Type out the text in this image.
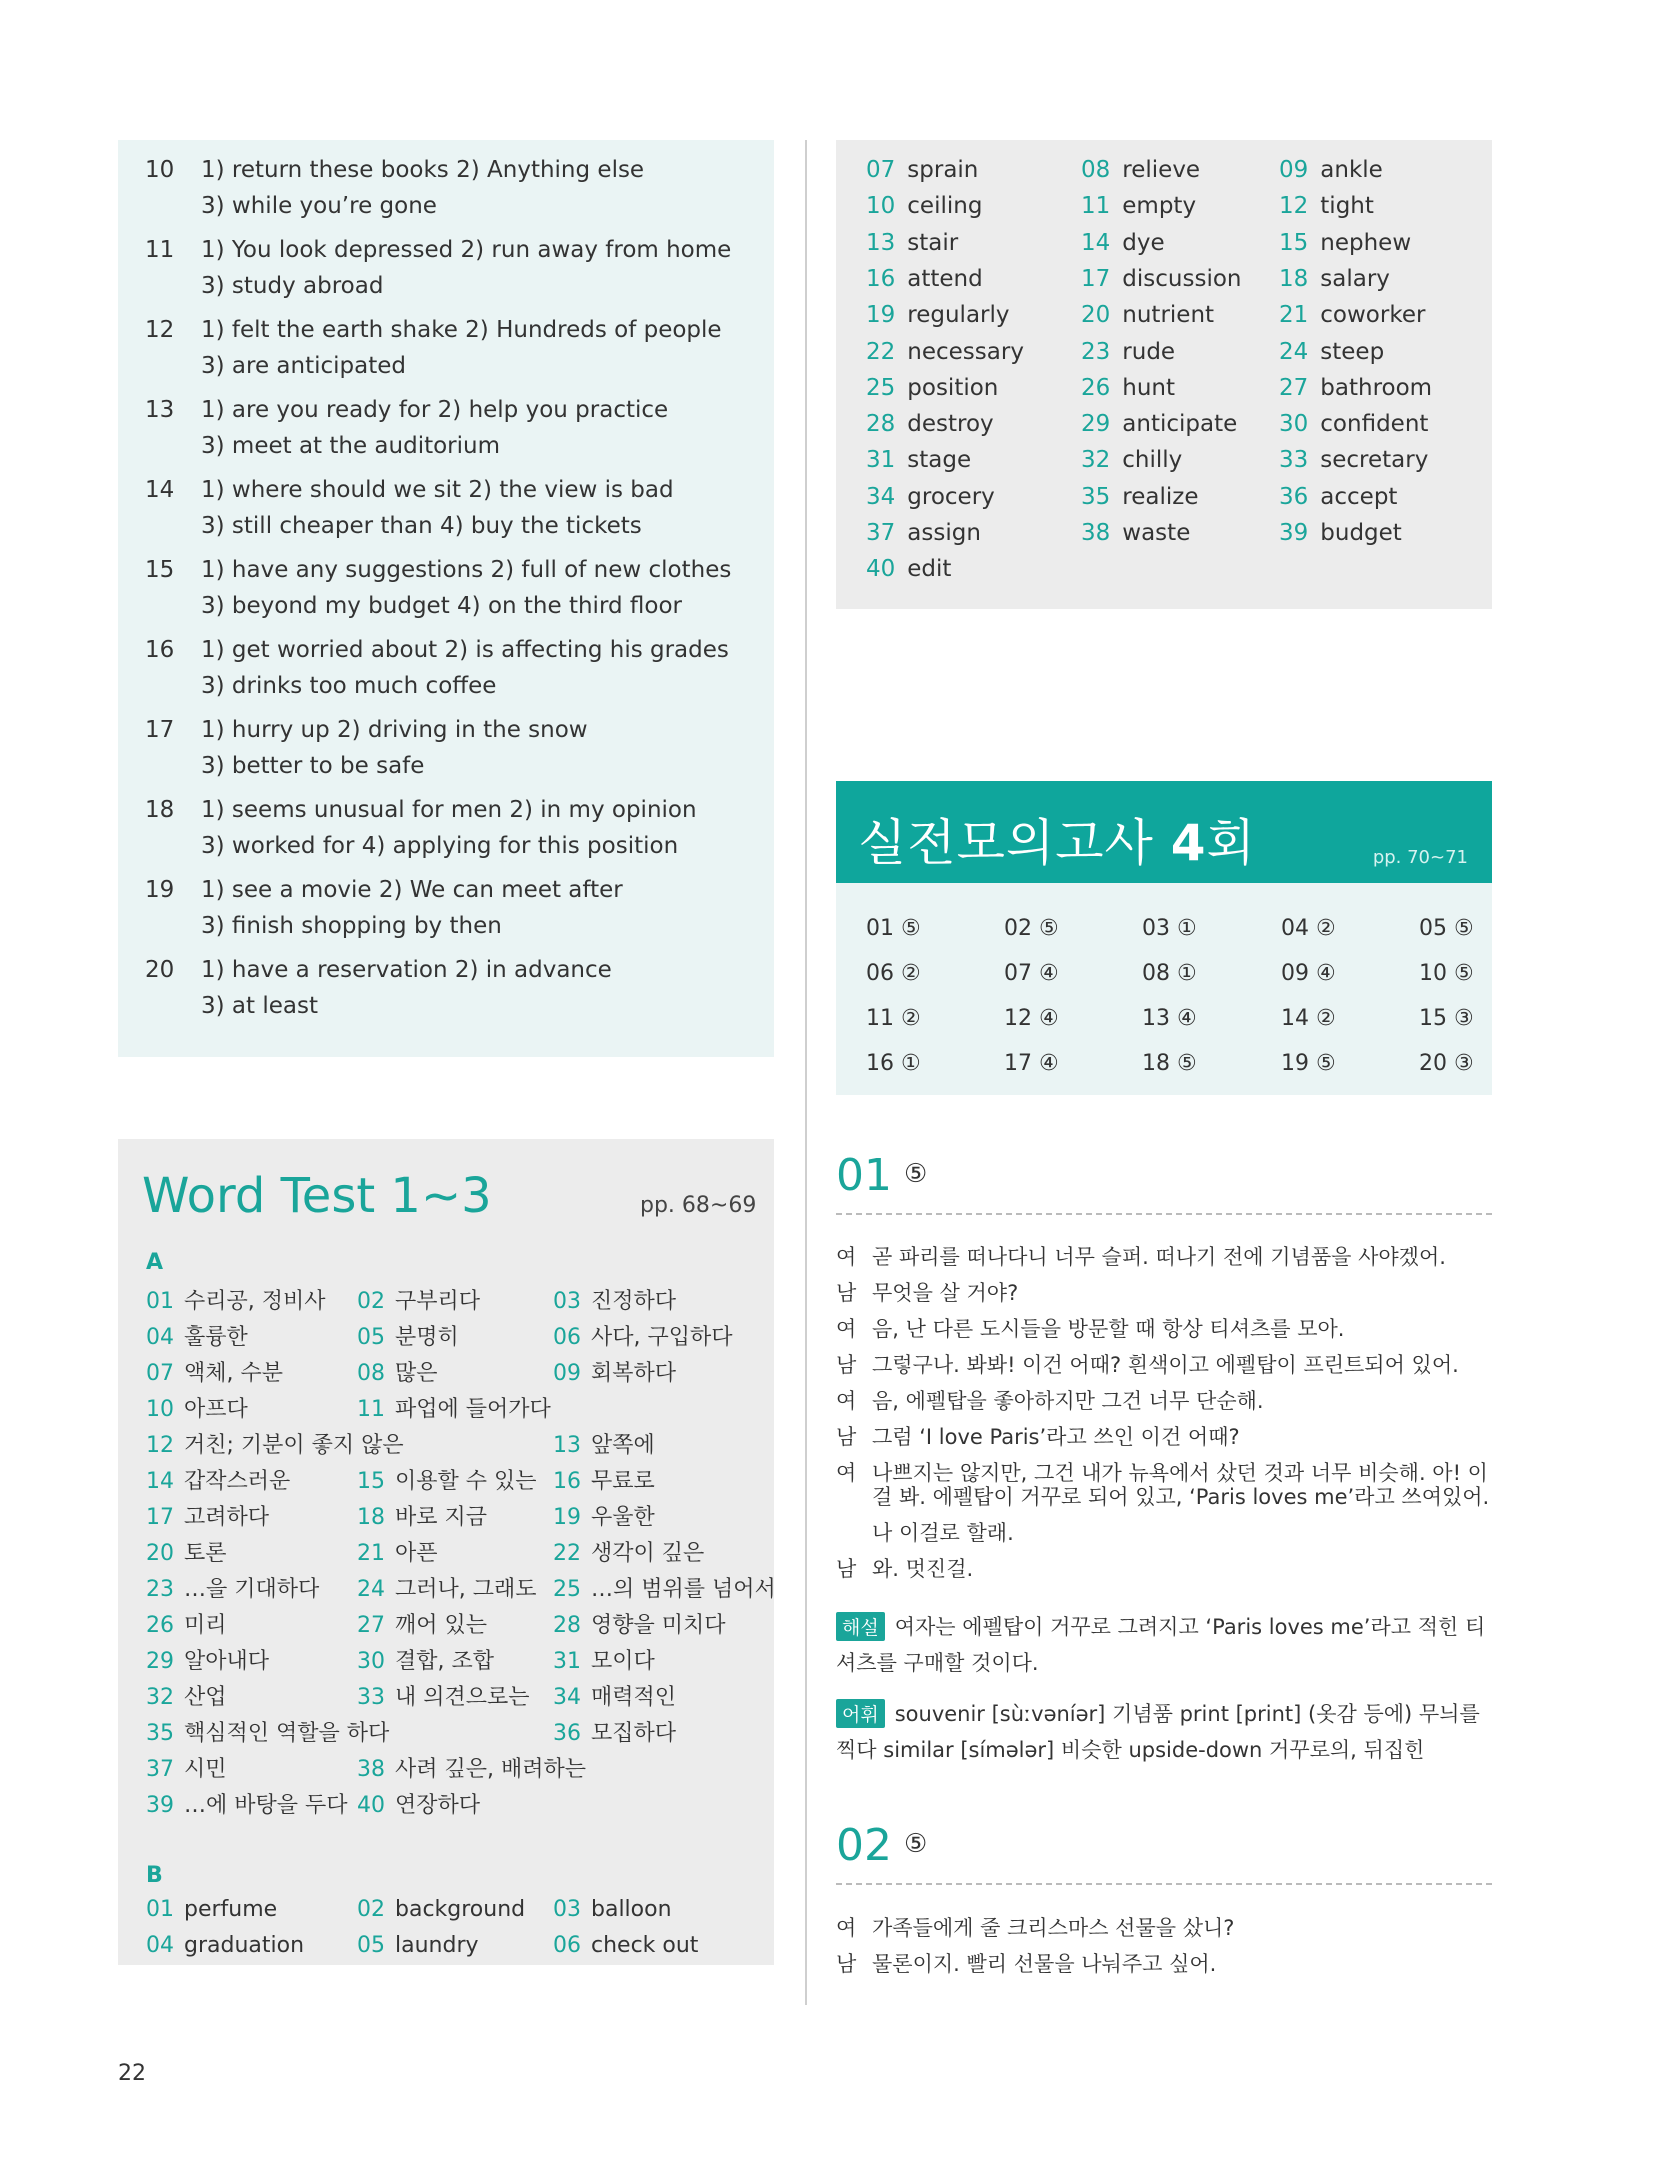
10 1) return these books 2) Anything else
3) while you’re gone
11 1) You look depressed 2) run away from home
3) study abroad
12 1) felt the earth shake 2) Hundreds of people
3) are anticipated
13 1) are you ready for 2) help you practice
3) meet at the auditorium
14 1) where should we sit 2) the view is bad
3) still cheaper than 4) buy the tickets
15 1) have any suggestions 2) full of new clothes
3) beyond my budget 4) on the third floor
16 1) get worried about 2) is affecting his grades
3) drinks too much coffee
17 1) hurry up 2) driving in the snow
3) better to be safe
18 1) seems unusual for men 2) in my opinion
3) worked for 4) applying for this position
19 1) see a movie 2) We can meet after
3) finish shopping by then
20 1) have a reservation 2) in advance
3) at least
Word Test 1~3	pp. 68~69
A
01 수리공, 정비사 02 구부리다	03 진정하다
04 훌륭한	05 분명히	06 사다, 구입하다
07 액체, 수분	08 많은	09 회복하다
10 아프다	11 파업에 들어가다
12 거친; 기분이 좋지 않은	13 앞쪽에
14 갑작스러운	15 이용할 수 있는 16 무료로
17 고려하다	18 바로 지금	19 우울한
20 토론	21 아픈	22 생각이 깊은
23 …을 기대하다 24 그러나, 그래도 25 …의 범위를 넘어서
26 미리	27 깨어 있는	28 영향을 미치다
29 알아내다	30 결합, 조합	31 모이다
32 산업	33 내 의견으로는 34 매력적인
35 핵심적인 역할을 하다	36 모집하다
37 시민	38 사려 깊은, 배려하는
39 …에 바탕을 두다 40 연장하다
B
01 perfume	02 background 03 balloon
04 graduation 05 laundry	06 check out
07 sprain	08 relieve	09 ankle
10 ceiling	11 empty	12 tight
13 stair	14 dye	15 nephew
16 attend	17 discussion 18 salary
19 regularly	20 nutrient	21 coworker
22 necessary 23 rude	24 steep
25 position	26 hunt	27 bathroom
28 destroy	29 anticipate 30 confident
31 stage	32 chilly	33 secretary
34 grocery	35 realize	36 accept
37 assign	38 waste	39 budget
40 edit
실전모의고사 4회	pp. 70~71
01 ⑤	02 ⑤	03 ①	04 ②	05 ⑤
06 ②	07 ④	08 ①	09 ④	10 ⑤
11 ②	12 ④	13 ④	14 ②	15 ③
16 ①	17 ④	18 ⑤	19 ⑤	20 ③
01 ⑤
여 곧 파리를 떠나다니 너무 슬퍼. 떠나기 전에 기념품을 사야겠어.
남 무엇을 살 거야?
여 음, 난 다른 도시들을 방문할 때 항상 티셔츠를 모아.
남 그렇구나. 봐봐! 이건 어때? 흰색이고 에펠탑이 프린트되어 있어.
여 음, 에펠탑을 좋아하지만 그건 너무 단순해.
남 그럼 ‘I love Paris’라고 쓰인 이건 어때?
여 나쁘지는 않지만, 그건 내가 뉴욕에서 샀던 것과 너무 비슷해. 아! 이
걸 봐. 에펠탑이 거꾸로 되어 있고, ‘Paris loves me’라고 쓰여있어.
나 이걸로 할래.
남 와. 멋진걸.
해설 여자는 에펠탑이 거꾸로 그려지고 ‘Paris loves me’라고 적힌 티
셔츠를 구매할 것이다.
어휘 souvenir [sùːvəníər] 기념품 print [print] (옷감 등에) 무늬를
찍다 similar [símələr] 비슷한 upside-down 거꾸로의, 뒤집힌
02 ⑤
여 가족들에게 줄 크리스마스 선물을 샀니?
남 물론이지. 빨리 선물을 나눠주고 싶어.
22
